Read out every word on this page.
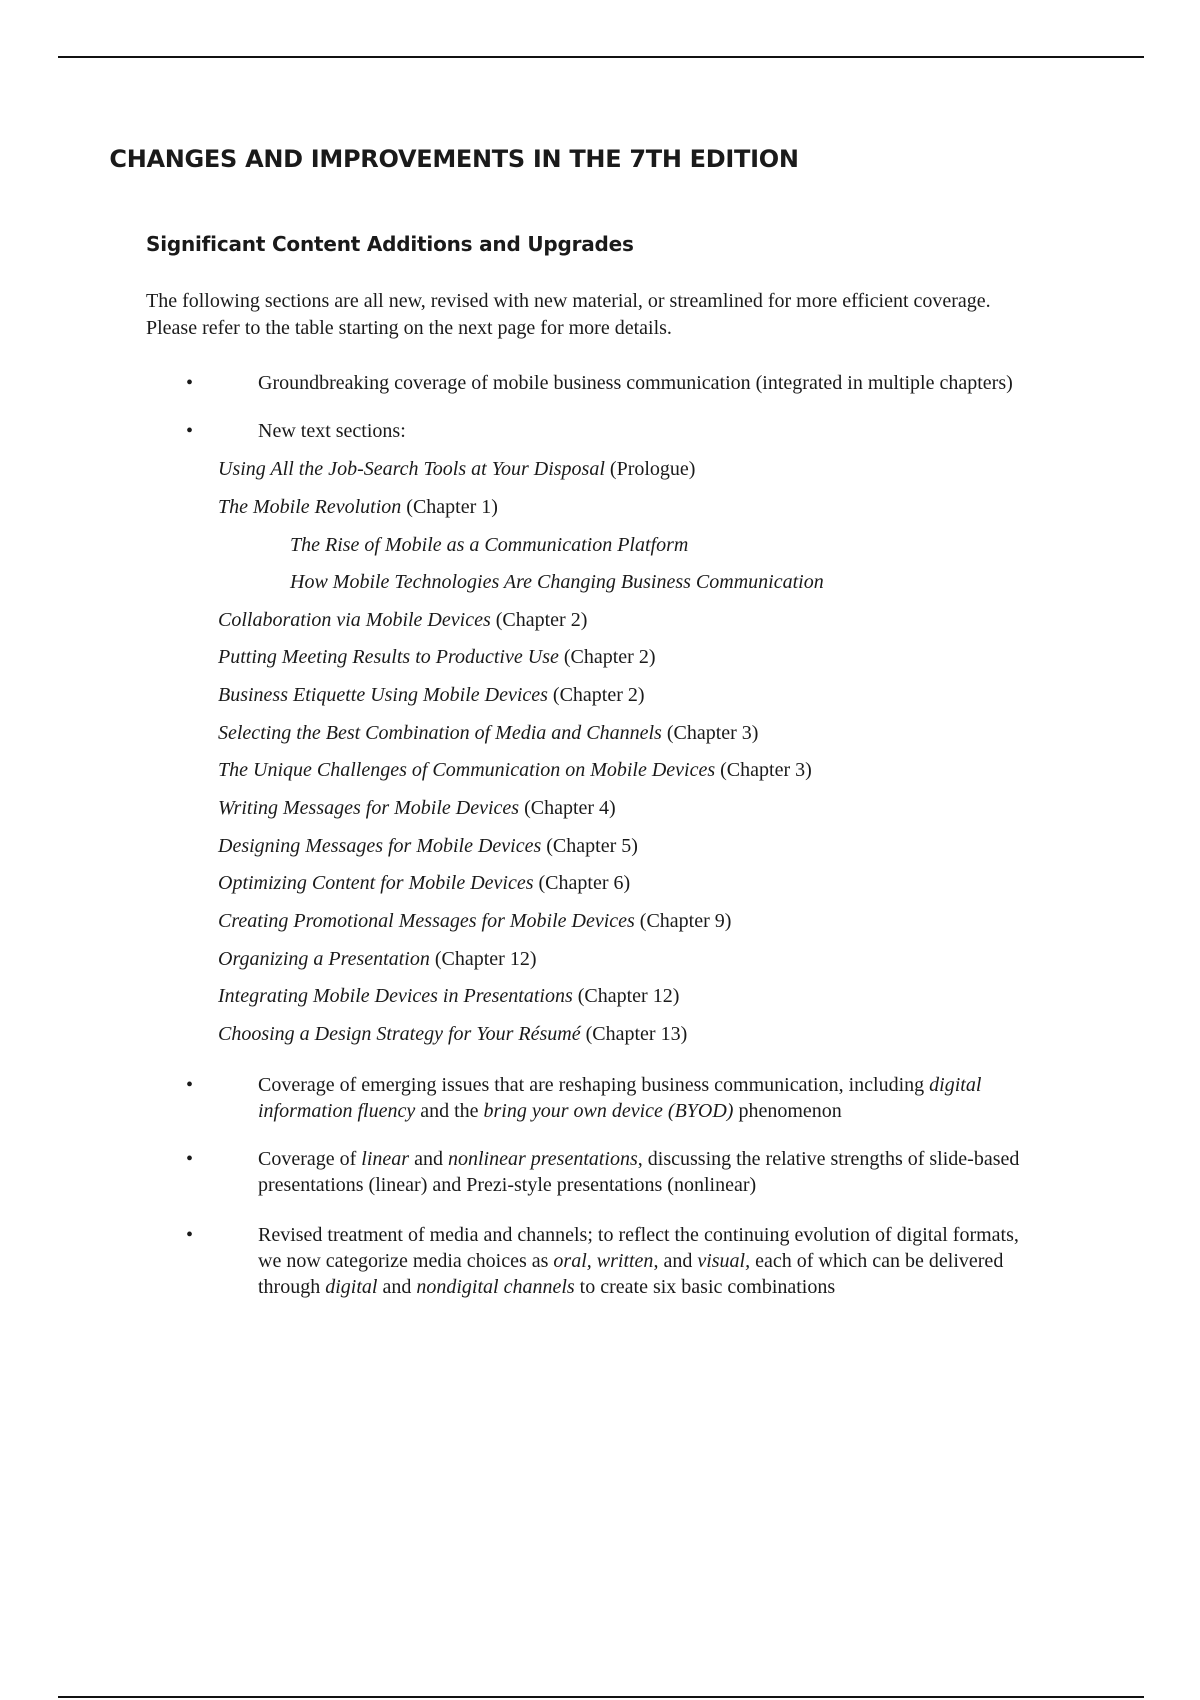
CHANGES AND IMPROVEMENTS IN THE 7TH EDITION
Significant Content Additions and Upgrades

The following sections are all new, revised with new material, or streamlined for more efficient coverage.
Please refer to the table starting on the next page for more details.

•	Groundbreaking coverage of mobile business communication (integrated in multiple chapters)
•	New text sections:
Using All the Job-Search Tools at Your Disposal (Prologue)
The Mobile Revolution (Chapter 1)
The Rise of Mobile as a Communication Platform
How Mobile Technologies Are Changing Business Communication
Collaboration via Mobile Devices (Chapter 2)
Putting Meeting Results to Productive Use (Chapter 2)
Business Etiquette Using Mobile Devices (Chapter 2)
Selecting the Best Combination of Media and Channels (Chapter 3)
The Unique Challenges of Communication on Mobile Devices (Chapter 3)
Writing Messages for Mobile Devices (Chapter 4)
Designing Messages for Mobile Devices (Chapter 5)
Optimizing Content for Mobile Devices (Chapter 6)
Creating Promotional Messages for Mobile Devices (Chapter 9)
Organizing a Presentation (Chapter 12)
Integrating Mobile Devices in Presentations (Chapter 12)
Choosing a Design Strategy for Your Résumé (Chapter 13)
•	Coverage of emerging issues that are reshaping business communication, including digital
information fluency and the bring your own device (BYOD) phenomenon
•	Coverage of linear and nonlinear presentations, discussing the relative strengths of slide-based
presentations (linear) and Prezi-style presentations (nonlinear)
•	Revised treatment of media and channels; to reflect the continuing evolution of digital formats,
we now categorize media choices as oral, written, and visual, each of which can be delivered
through digital and nondigital channels to create six basic combinations
